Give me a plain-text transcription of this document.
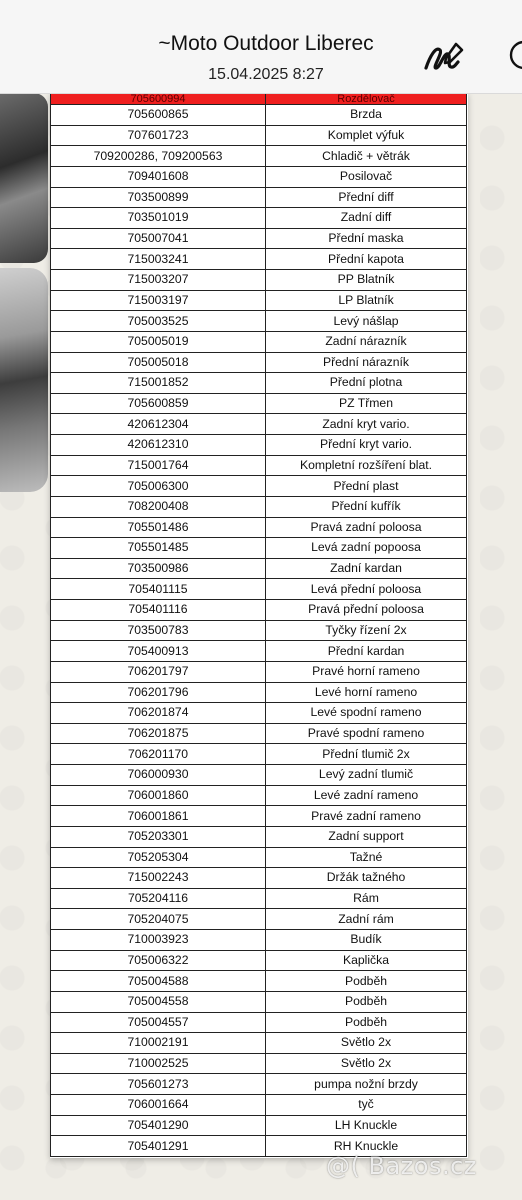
705600994	Rozdělovač
705600865	Brzda
707601723	Komplet výfuk
709200286, 709200563	Chladič + větrák
709401608	Posilovač
703500899	Přední diff
703501019	Zadní diff
705007041	Přední maska
715003241	Přední kapota
715003207	PP Blatník
715003197	LP Blatník
705003525	Levý nášlap
705005019	Zadní nárazník
705005018	Přední nárazník
715001852	Přední plotna
705600859	PZ Třmen
420612304	Zadní kryt vario.
420612310	Přední kryt vario.
715001764	Kompletní rozšíření blat.
705006300	Přední plast
708200408	Přední kufřík
705501486	Pravá zadní poloosa
705501485	Levá zadní popoosa
703500986	Zadní kardan
705401115	Levá přední poloosa
705401116	Pravá přední poloosa
703500783	Tyčky řízení 2x
705400913	Přední kardan
706201797	Pravé horní rameno
706201796	Levé horní rameno
706201874	Levé spodní rameno
706201875	Pravé spodní rameno
706201170	Přední tlumič 2x
706000930	Levý zadní tlumič
706001860	Levé zadní rameno
706001861	Pravé zadní rameno
705203301	Zadní support
705205304	Tažné
715002243	Držák tažného
705204116	Rám
705204075	Zadní rám
710003923	Budík
705006322	Kaplička
705004588	Podběh
705004558	Podběh
705004557	Podběh
710002191	Světlo 2x
710002525	Světlo 2x
705601273	pumpa nožní brzdy
706001664	tyč
705401290	LH Knuckle
705401291	RH Knuckle
~Moto Outdoor Liberec
15.04.2025 8:27
@( Bazos.cz
